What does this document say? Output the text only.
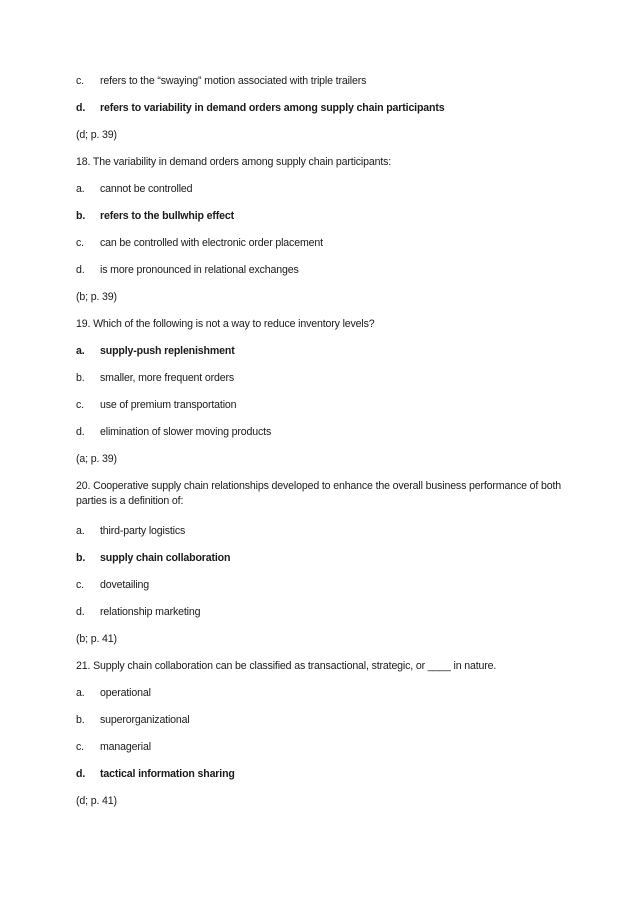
c. refers to the “swaying” motion associated with triple trailers
d. refers to variability in demand orders among supply chain participants
(d; p. 39)
18. The variability in demand orders among supply chain participants:
a. cannot be controlled
b. refers to the bullwhip effect
c. can be controlled with electronic order placement
d. is more pronounced in relational exchanges
(b; p. 39)
19. Which of the following is not a way to reduce inventory levels?
a. supply-push replenishment
b. smaller, more frequent orders
c. use of premium transportation
d. elimination of slower moving products
(a; p. 39)
20. Cooperative supply chain relationships developed to enhance the overall business performance of both parties is a definition of:
a. third-party logistics
b. supply chain collaboration
c. dovetailing
d. relationship marketing
(b; p. 41)
21. Supply chain collaboration can be classified as transactional, strategic, or ____ in nature.
a. operational
b. superorganizational
c. managerial
d. tactical information sharing
(d; p. 41)
